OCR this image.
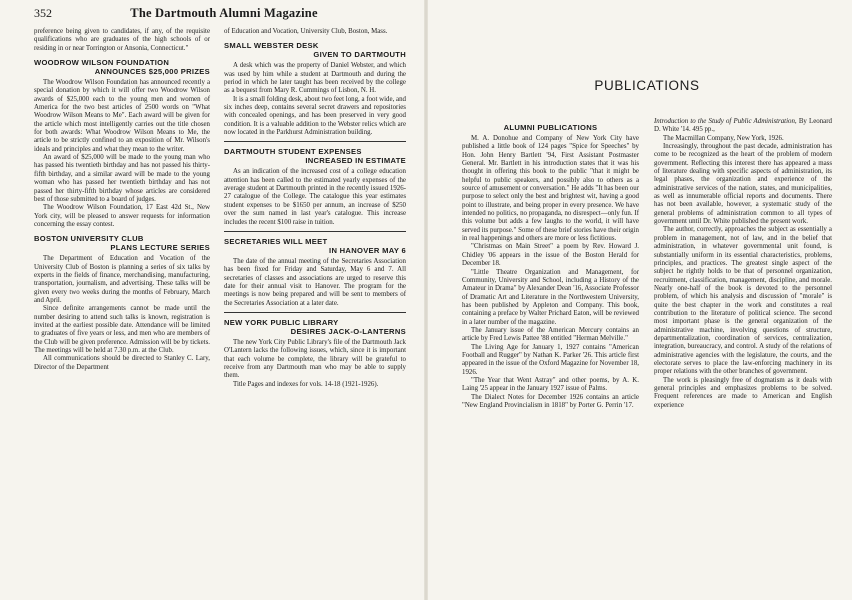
352	The Dartmouth Alumni Magazine

preference being given to candidates, if any, of the requisite qualifications who are graduates of the high schools of or residing in or near Torrington or Ansonia, Connecticut."

WOODROW WILSON FOUNDATION
ANNOUNCES $25,000 PRIZES

The Woodrow Wilson Foundation has announced recently a special donation by which it will offer two Woodrow Wilson awards of $25,000 each to the young men and women of America for the two best articles of 2500 words on "What Woodrow Wilson Means to Me". Each award will be given for the article which most intelligently carries out the title chosen for both awards: What Woodrow Wilson Means to Me, the article to be strictly confined to an exposition of Mr. Wilson's ideals and principles and what they mean to the writer.

An award of $25,000 will be made to the young man who has passed his twentieth birthday and has not passed his thirty-fifth birthday, and a similar award will be made to the young woman who has passed her twentieth birthday and has not passed her thirty-fifth birthday whose articles are considered best of those submitted to a board of judges.

The Woodrow Wilson Foundation, 17 East 42d St., New York city, will be pleased to answer requests for information concerning the essay contest.

BOSTON UNIVERSITY CLUB
PLANS LECTURE SERIES

The Department of Education and Vocation of the University Club of Boston is planning a series of six talks by experts in the fields of finance, merchandising, manufacturing, transportation, journalism, and advertising. These talks will be given every two weeks during the months of February, March and April.

Since definite arrangements cannot be made until the number desiring to attend such talks is known, registration is invited at the earliest possible date. Attendance will be limited to graduates of five years or less, and men who are members of the Club will be given preference. Admission will be by tickets. The meetings will be held at 7.30 p.m. at the Club.

All communications should be directed to Stanley C. Lary, Director of the Department

of Education and Vocation, University Club, Boston, Mass.

SMALL WEBSTER DESK
GIVEN TO DARTMOUTH

A desk which was the property of Daniel Webster, and which was used by him while a student at Dartmouth and during the period in which he later taught has been received by the college as a bequest from Mary R. Cummings of Lisbon, N. H.

It is a small folding desk, about two feet long, a foot wide, and six inches deep, contains several secret drawers and repositories with concealed openings, and has been preserved in very good condition. It is a valuable addition to the Webster relics which are now located in the Parkhurst Administration building.

DARTMOUTH STUDENT EXPENSES
INCREASED IN ESTIMATE

As an indication of the increased cost of a college education attention has been called to the estimated yearly expenses of the average student at Dartmouth printed in the recently issued 1926-27 catalogue of the College. The catalogue this year estimates student expenses to be $1650 per annum, an increase of $250 over the sum named in last year's catalogue. This increase includes the recent $100 raise in tuition.

SECRETARIES WILL MEET
IN HANOVER MAY 6

The date of the annual meeting of the Secretaries Association has been fixed for Friday and Saturday, May 6 and 7. All secretaries of classes and associations are urged to reserve this date for their annual visit to Hanover. The program for the meetings is now being prepared and will be sent to members of the Secretaries Association at a later date.

NEW YORK PUBLIC LIBRARY
DESIRES JACK-O-LANTERNS

The new York City Public Library's file of the Dartmouth Jack O'Lantern lacks the following issues, which, since it is important that each volume be complete, the library will be grateful to receive from any Dartmouth man who may be able to supply them.

Title Pages and indexes for vols. 14-18 (1921-1926).

PUBLICATIONS
ALUMNI PUBLICATIONS

M. A. Donohue and Company of New York City have published a little book of 124 pages "Spice for Speeches" by Hon. John Henry Bartlett '94, First Assistant Postmaster General. Mr. Bartlett in his introduction states that it was his thought in offering this book to the public "that it might be helpful to public speakers, and possibly also to others as a source of amusement or conversation." He adds "It has been our purpose to select only the best and brightest wit, having a good point to illustrate, and being proper in every presence. We have intended no politics, no propaganda, no disrespect—only fun. If this volume but adds a few laughs to the world, it will have served its purpose." Some of these brief stories have their origin in real happenings and others are more or less fictitious.

"Christmas on Main Street" a poem by Rev. Howard J. Chidley '06 appears in the issue of the Boston Herald for December 18.

"Little Theatre Organization and Management, for Community, University and School, including a History of the Amateur in Drama" by Alexander Dean '16, Associate Professor of Dramatic Art and Literature in the Northwestern University, has been published by Appleton and Company. This book, containing a preface by Walter Prichard Eaton, will be reviewed in a later number of the magazine.

The January issue of the American Mercury contains an article by Fred Lewis Pattee '88 entitled "Herman Melville."

The Living Age for January 1, 1927 contains "American Football and Rugger" by Nathan K. Parker '26. This article first appeared in the issue of the Oxford Magazine for November 18, 1926.

"The Year that Went Astray" and other poems, by A. K. Laing '25 appear in the January 1927 issue of Palms.

The Dialect Notes for December 1926 contains an article "New England Provincialism in 1818" by Porter G. Perrin '17.

Introduction to the Study of Public Administration, By Leonard D. White '14. 495 pp.,

The Macmillan Company, New York, 1926.

Increasingly, throughout the past decade, administration has come to be recognized as the heart of the problem of modern government. Reflecting this interest there has appeared a mass of literature dealing with specific aspects of administration, its legal phases, the organization and experience of the administrative services of the nation, states, and municipalities, as well as innumerable official reports and documents. There has not been available, however, a systematic study of the general problems of administration common to all types of government until Dr. White published the present work.

The author, correctly, approaches the subject as essentially a problem in management, not of law, and in the belief that administration, in whatever governmental unit found, is substantially uniform in its essential characteristics, problems, principles, and practices. The greatest single aspect of the subject he rightly holds to be that of personnel organization, recruitment, classification, management, discipline, and morale. Nearly one-half of the book is devoted to the personnel problem, of which his analysis and discussion of "morale" is quite the best chapter in the work and constitutes a real contribution to the literature of political science. The second most important phase is the general organization of the administrative machine, involving questions of structure, departmentalization, coordination of services, centralization, integration, bureaucracy, and control. A study of the relations of administrative agencies with the legislature, the courts, and the electorate serves to place the law-enforcing machinery in its proper relations with the other branches of government.

The work is pleasingly free of dogmatism as it deals with general principles and emphasizes problems to be solved. Frequent references are made to American and English experience
